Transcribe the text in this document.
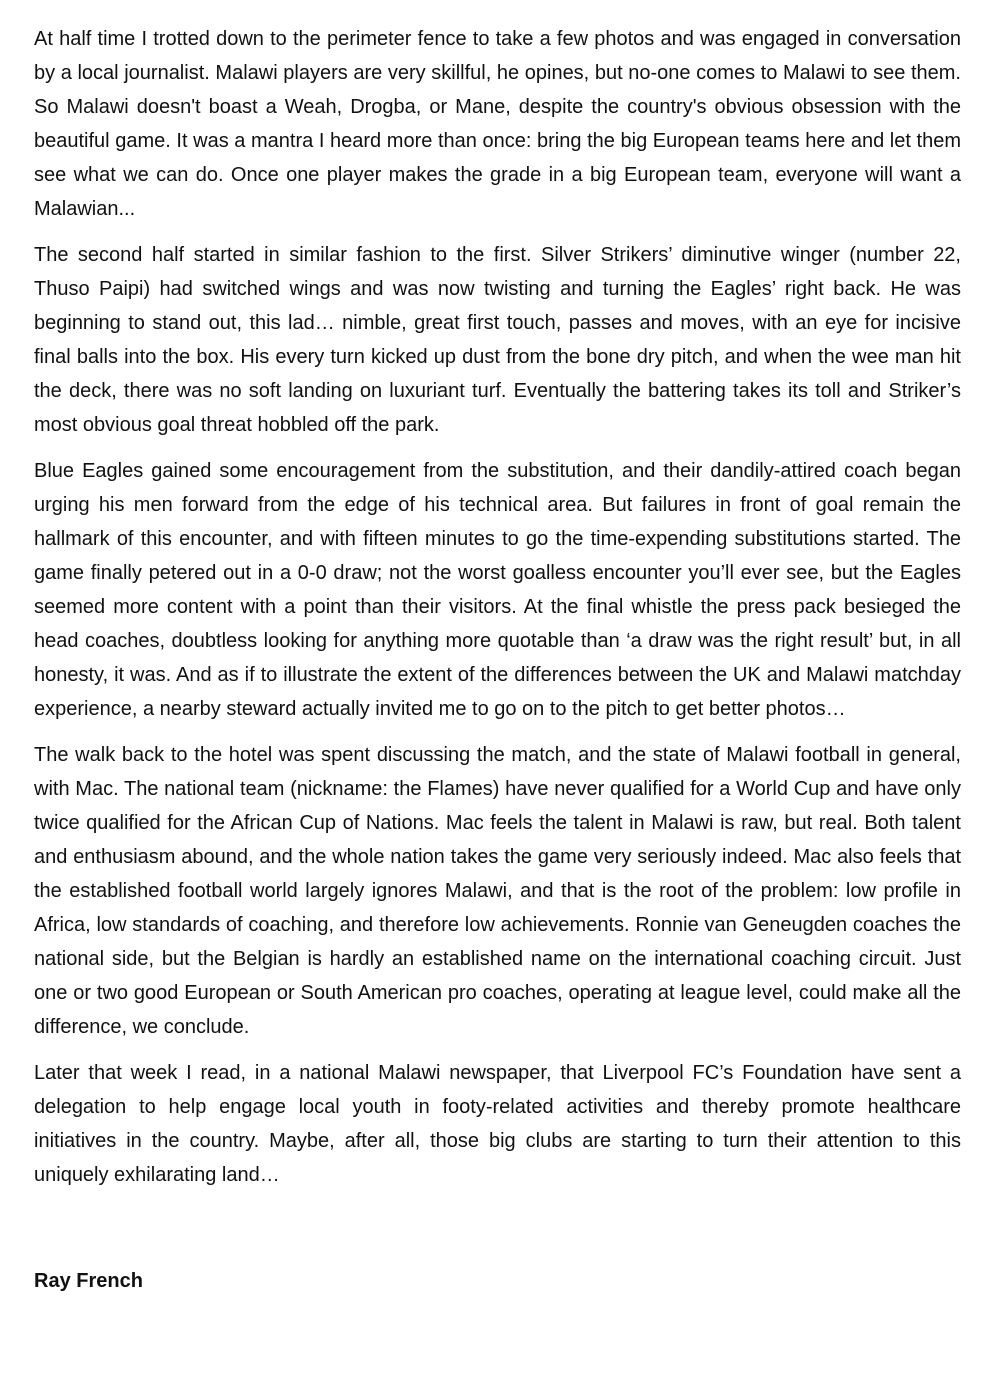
At half time I trotted down to the perimeter fence to take a few photos and was engaged in conversation by a local journalist. Malawi players are very skillful, he opines, but no-one comes to Malawi to see them. So Malawi doesn't boast a Weah, Drogba, or Mane, despite the country's obvious obsession with the beautiful game. It was a mantra I heard more than once: bring the big European teams here and let them see what we can do. Once one player makes the grade in a big European team, everyone will want a Malawian...

The second half started in similar fashion to the first. Silver Strikers’ diminutive winger (number 22, Thuso Paipi) had switched wings and was now twisting and turning the Eagles’ right back. He was beginning to stand out, this lad… nimble, great first touch, passes and moves, with an eye for incisive final balls into the box. His every turn kicked up dust from the bone dry pitch, and when the wee man hit the deck, there was no soft landing on luxuriant turf. Eventually the battering takes its toll and Striker’s most obvious goal threat hobbled off the park.

Blue Eagles gained some encouragement from the substitution, and their dandily-attired coach began urging his men forward from the edge of his technical area. But failures in front of goal remain the hallmark of this encounter, and with fifteen minutes to go the time-expending substitutions started. The game finally petered out in a 0-0 draw; not the worst goalless encounter you’ll ever see, but the Eagles seemed more content with a point than their visitors. At the final whistle the press pack besieged the head coaches, doubtless looking for anything more quotable than ‘a draw was the right result’ but, in all honesty, it was. And as if to illustrate the extent of the differences between the UK and Malawi matchday experience, a nearby steward actually invited me to go on to the pitch to get better photos…

The walk back to the hotel was spent discussing the match, and the state of Malawi football in general, with Mac. The national team (nickname: the Flames) have never qualified for a World Cup and have only twice qualified for the African Cup of Nations. Mac feels the talent in Malawi is raw, but real. Both talent and enthusiasm abound, and the whole nation takes the game very seriously indeed. Mac also feels that the established football world largely ignores Malawi, and that is the root of the problem: low profile in Africa, low standards of coaching, and therefore low achievements. Ronnie van Geneugden coaches the national side, but the Belgian is hardly an established name on the international coaching circuit. Just one or two good European or South American pro coaches, operating at league level, could make all the difference, we conclude.

Later that week I read, in a national Malawi newspaper, that Liverpool FC’s Foundation have sent a delegation to help engage local youth in footy-related activities and thereby promote healthcare initiatives in the country. Maybe, after all, those big clubs are starting to turn their attention to this uniquely exhilarating land…

Ray French
